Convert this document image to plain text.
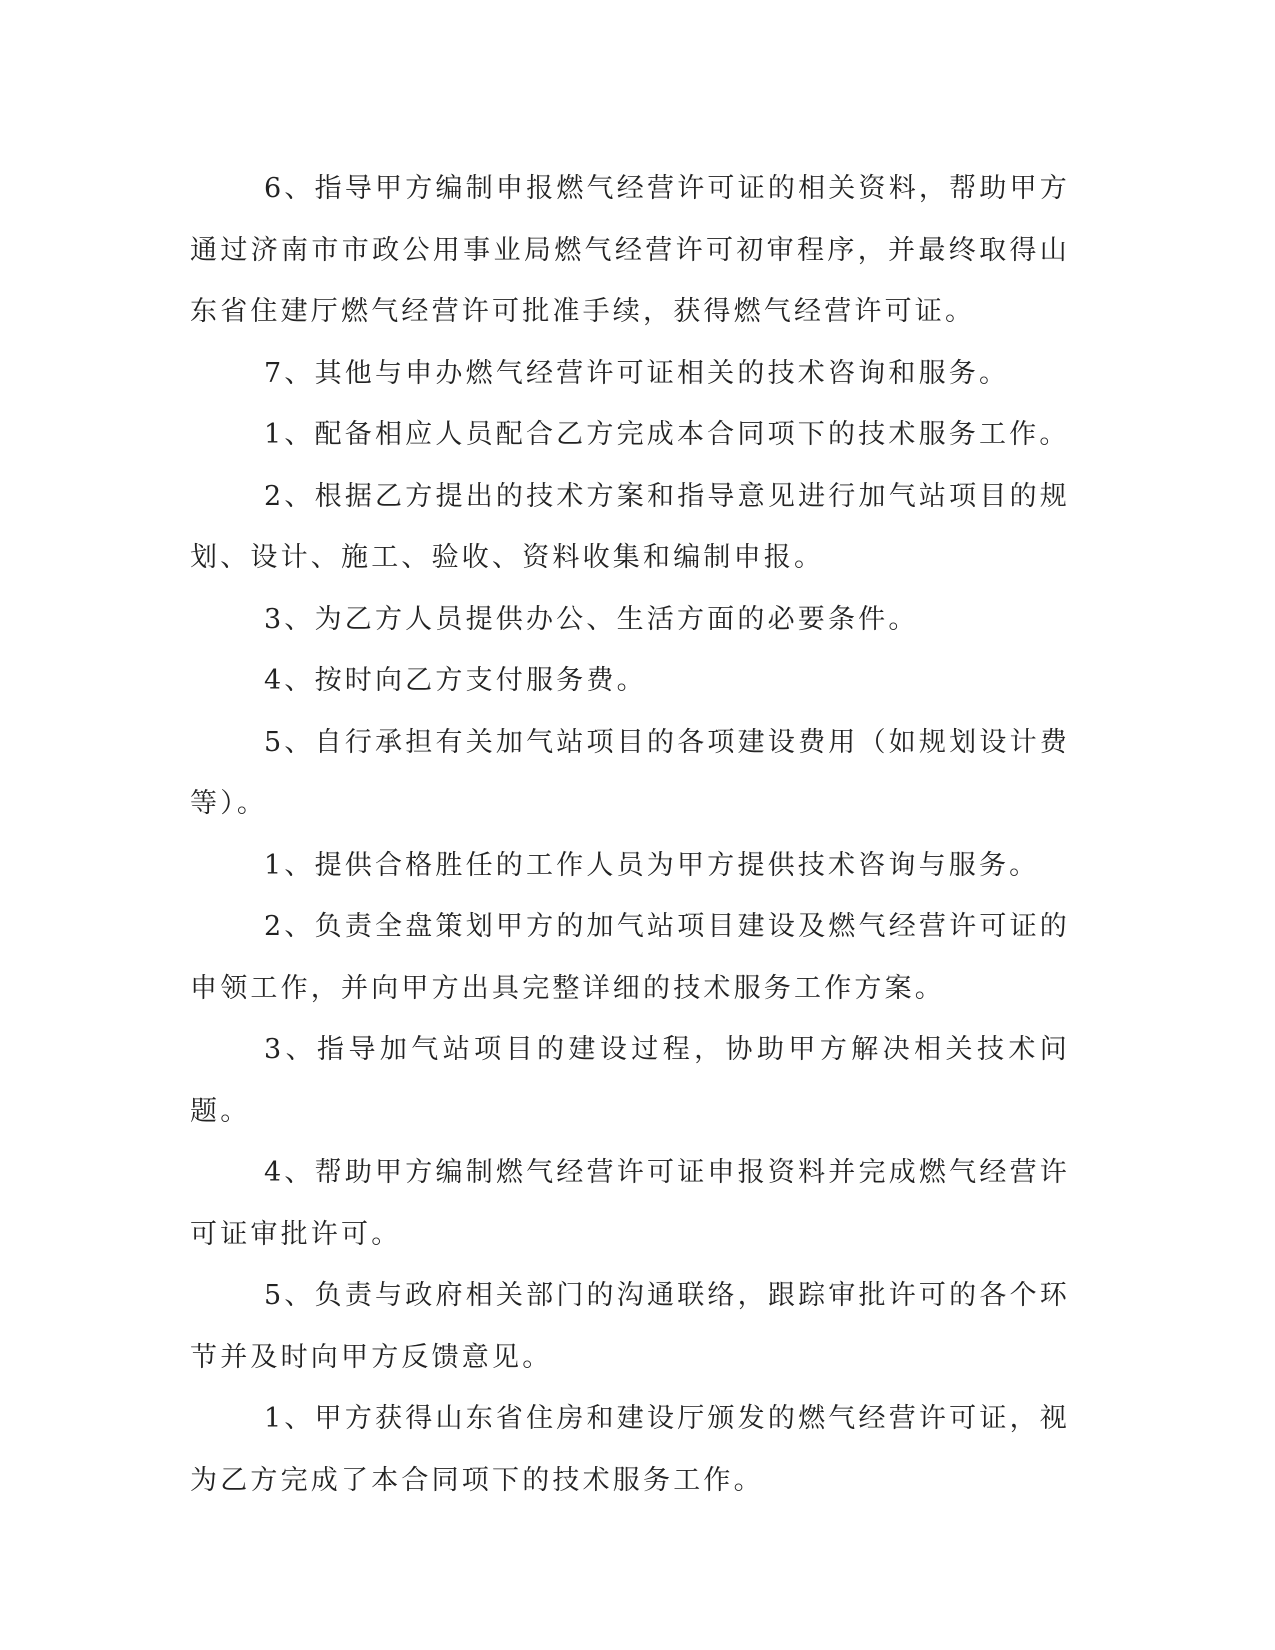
6、指导甲方编制申报燃气经营许可证的相关资料，帮助甲方通过济南市市政公用事业局燃气经营许可初审程序，并最终取得山东省住建厅燃气经营许可批准手续，获得燃气经营许可证。

7、其他与申办燃气经营许可证相关的技术咨询和服务。

1、配备相应人员配合乙方完成本合同项下的技术服务工作。

2、根据乙方提出的技术方案和指导意见进行加气站项目的规划、设计、施工、验收、资料收集和编制申报。

3、为乙方人员提供办公、生活方面的必要条件。

4、按时向乙方支付服务费。

5、自行承担有关加气站项目的各项建设费用（如规划设计费等）。

1、提供合格胜任的工作人员为甲方提供技术咨询与服务。

2、负责全盘策划甲方的加气站项目建设及燃气经营许可证的申领工作，并向甲方出具完整详细的技术服务工作方案。

3、指导加气站项目的建设过程，协助甲方解决相关技术问题。

4、帮助甲方编制燃气经营许可证申报资料并完成燃气经营许可证审批许可。

5、负责与政府相关部门的沟通联络，跟踪审批许可的各个环节并及时向甲方反馈意见。

1、甲方获得山东省住房和建设厅颁发的燃气经营许可证，视为乙方完成了本合同项下的技术服务工作。
